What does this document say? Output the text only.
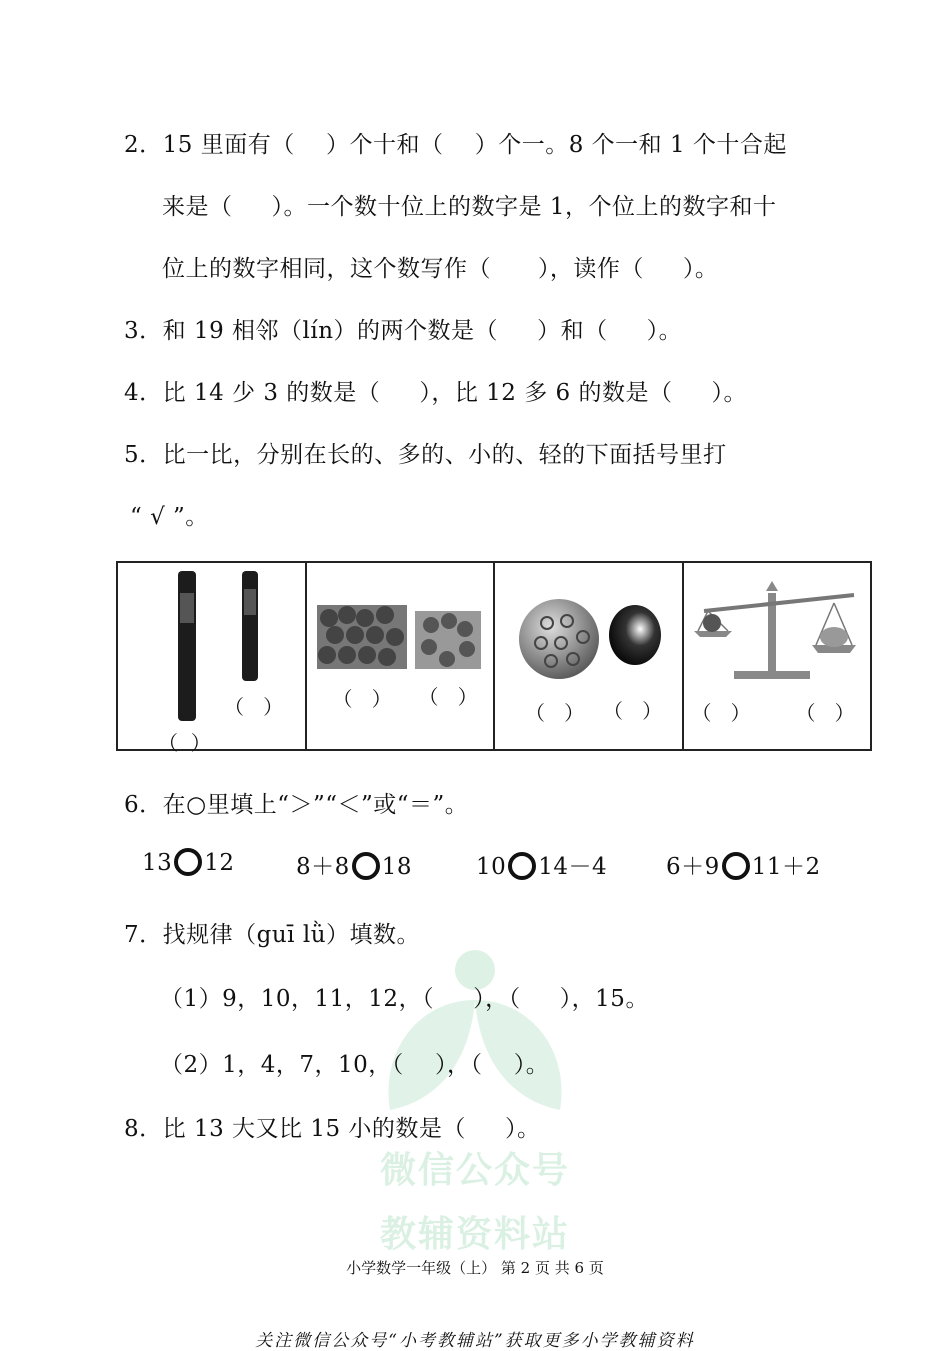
微信公众号
教辅资料站
2．15 里面有（    ）个十和（    ）个一。8 个一和 1 个十合起
来是（     ）。一个数十位上的数字是 1，个位上的数字和十
位上的数字相同，这个数写作（      ），读作（     ）。
3．和 19 相邻（lín）的两个数是（     ）和（     ）。
4．比 14 少 3 的数是（     ），比 12 多 6 的数是（     ）。
5．比一比，分别在长的、多的、小的、轻的下面括号里打
“ √ ”。
（   ）
（  ）

（   ） （   ）

（   ） （   ）	（   ） （   ）
6．在○里填上“＞”“＜”或“＝”。
13 12	8＋8 18	10 14－4	6＋9 11＋2
7．找规律（guī lǜ）填数。
（1）9，10，11，12，（     ），（     ），15。
（2）1，4，7，10，（    ），（    ）。
8．比 13 大又比 15 小的数是（     ）。
小学数学一年级（上） 第 2 页 共 6 页
关注微信公众号“小考教辅站”获取更多小学教辅资料
